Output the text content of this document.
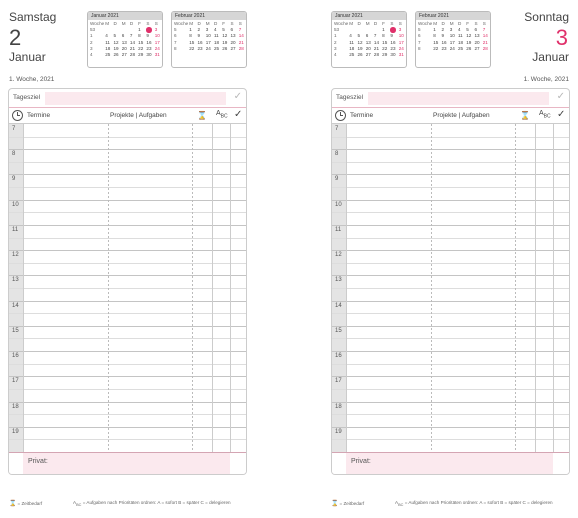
Samstag
2
Januar
1. Woche, 2021
Januar 2021
Woche	M	D	M	D	F	S	S
53					1		3
1	4	5	6	7	8	9	10
2	11	12	13	14	15	16	17
3	18	19	20	21	22	23	24
4	25	26	27	28	29	30	31
Februar 2021
Woche	M	D	M	D	F	S	S
5	1	2	3	4	5	6	7
6	8	9	10	11	12	13	14
7	15	16	17	18	19	20	21
8	22	23	24	25	26	27	28
Tagesziel	✓
Termine	Projekte | Aufgaben	⌛ $A_{BC}$ ✓
7
8
9
10
11
12
13
14
15
16
17
18
19
Privat:
⌛= Zeitbedarf	$A_{BC}$ = Aufgaben nach Prioritäten ordnen: A = sofort B = später C = delegieren
Januar 2021
Woche	M	D	M	D	F	S	S
53					1		3
1	4	5	6	7	8	9	10
2	11	12	13	14	15	16	17
3	18	19	20	21	22	23	24
4	25	26	27	28	29	30	31
Februar 2021
Woche	M	D	M	D	F	S	S
5	1	2	3	4	5	6	7
6	8	9	10	11	12	13	14
7	15	16	17	18	19	20	21
8	22	23	24	25	26	27	28
Sonntag
3
Januar
1. Woche, 2021
Tagesziel	✓
Termine	Projekte | Aufgaben	⌛ $A_{BC}$ ✓
7
8
9
10
11
12
13
14
15
16
17
18
19
Privat:
⌛= Zeitbedarf	$A_{BC}$ = Aufgaben nach Prioritäten ordnen: A = sofort B = später C = delegieren
